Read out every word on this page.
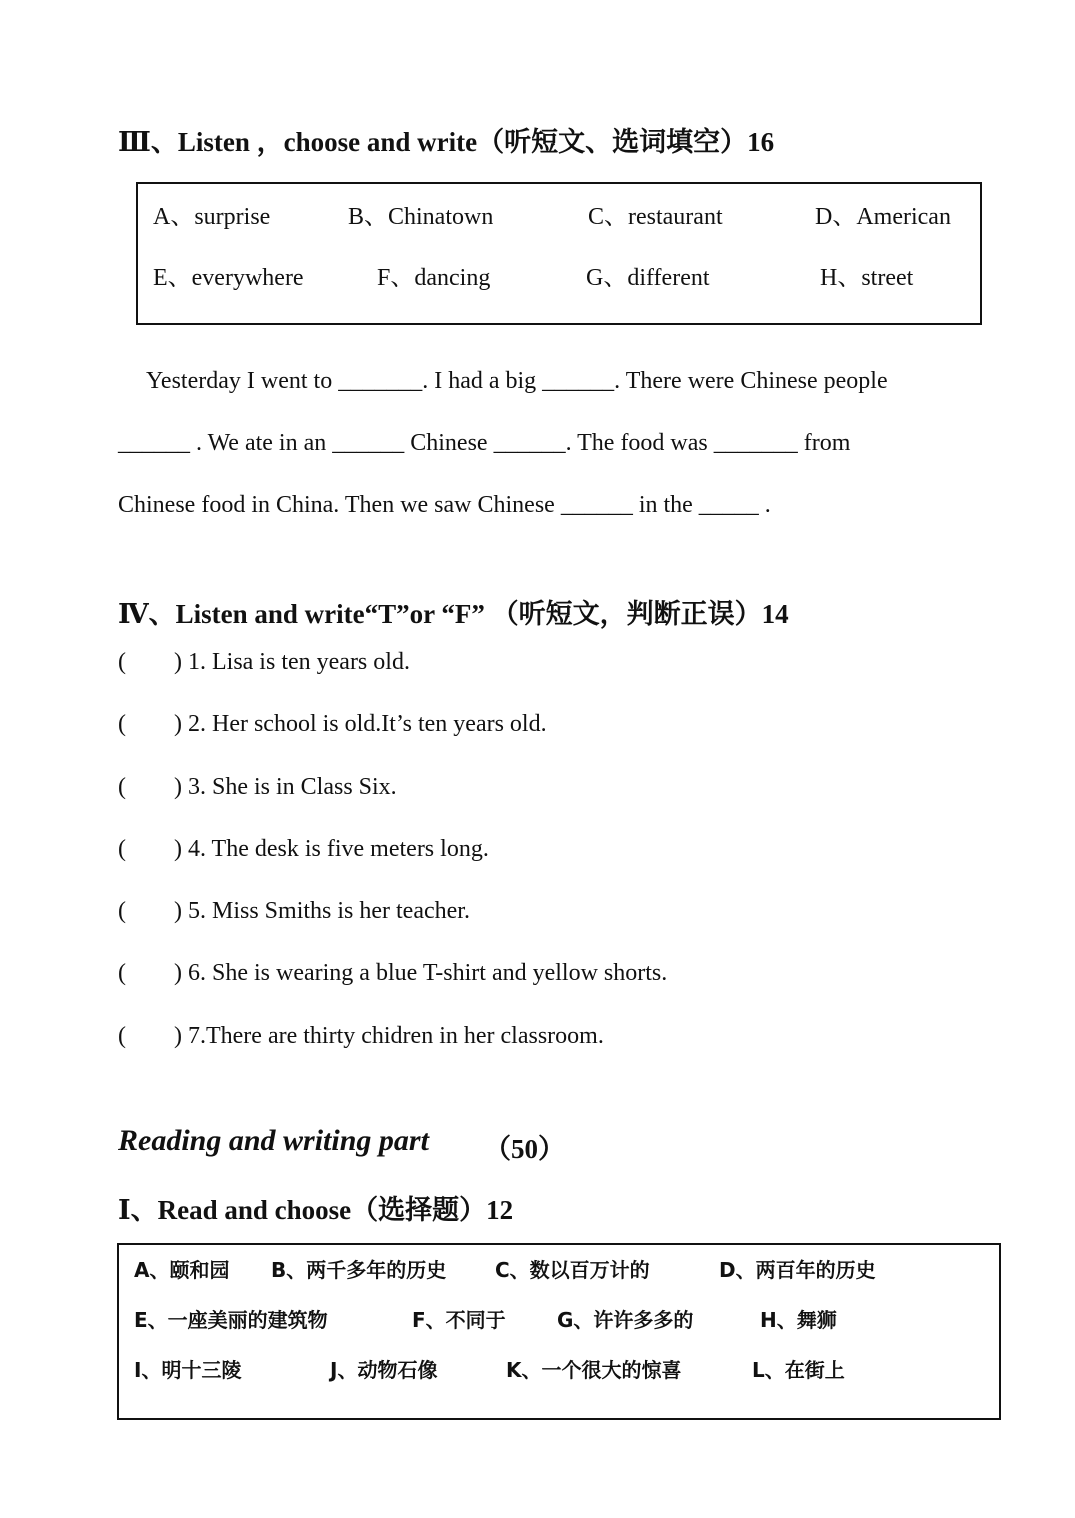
Ⅲ、Listen ，choose and write（听短文、选词填空）16
A、surprise	B、Chinatown	C、restaurant	D、American
E、everywhere	F、dancing	G、different	H、street
Yesterday I went to _______. I had a big ______. There were Chinese people
______ . We ate in an ______ Chinese ______. The food was _______ from
Chinese food in China. Then we saw Chinese ______ in the _____ .
Ⅳ、Listen and write“T”or “F” （听短文，判断正误）14
(        ) 1. Lisa is ten years old.
(        ) 2. Her school is old.It’s ten years old.
(        ) 3. She is in Class Six.
(        ) 4. The desk is five meters long.
(        ) 5. Miss Smiths is her teacher.
(        ) 6. She is wearing a blue T-shirt and yellow shorts.
(        ) 7.There are thirty chidren in her classroom.
Reading and writing part （50）
Ⅰ、Read and choose（选择题）12
A、颐和园 B、两千多年的历史 C、数以百万计的	D、两百年的历史
E、一座美丽的建筑物	F、不同于	G、许许多多的	H、舞狮
I、明十三陵	J、动物石像	K、一个很大的惊喜	L、在街上
